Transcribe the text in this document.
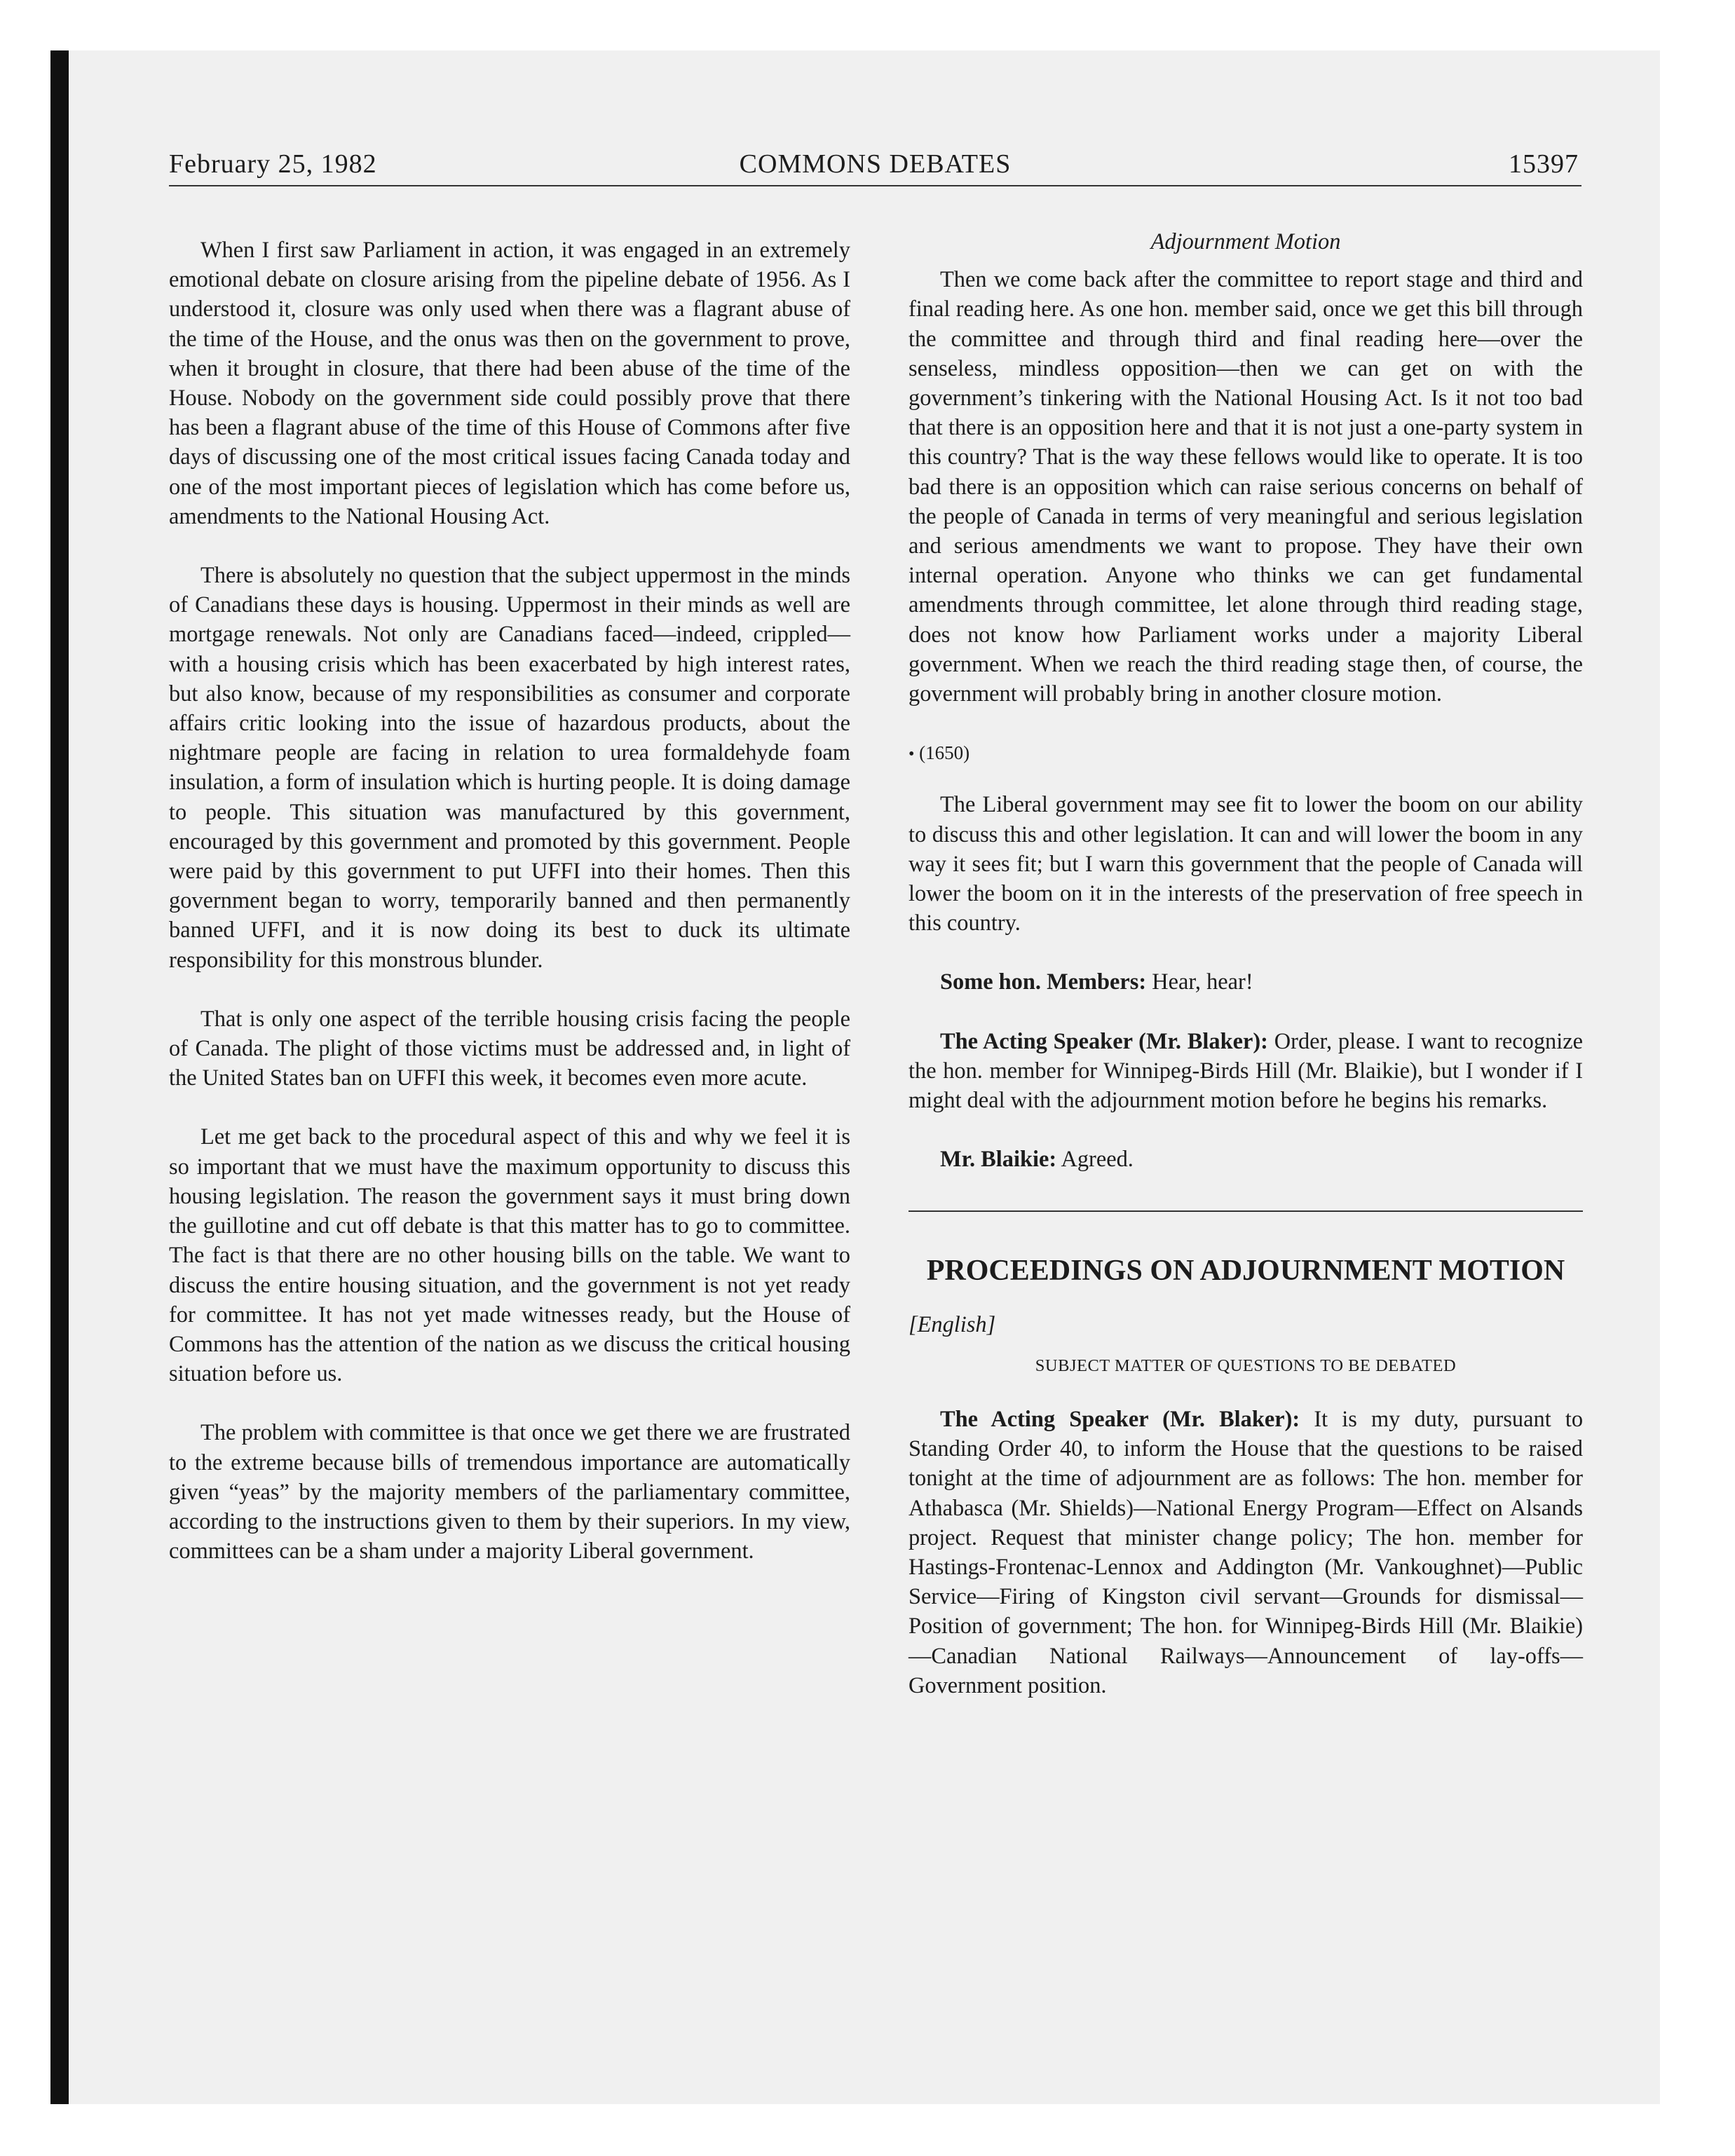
February 25, 1982	COMMONS DEBATES	15397

When I first saw Parliament in action, it was engaged in an extremely emotional debate on closure arising from the pipeline debate of 1956. As I understood it, closure was only used when there was a flagrant abuse of the time of the House, and the onus was then on the government to prove, when it brought in closure, that there had been abuse of the time of the House. Nobody on the government side could possibly prove that there has been a flagrant abuse of the time of this House of Commons after five days of discussing one of the most critical issues facing Canada today and one of the most important pieces of legislation which has come before us, amendments to the National Housing Act.

There is absolutely no question that the subject uppermost in the minds of Canadians these days is housing. Uppermost in their minds as well are mortgage renewals. Not only are Canadians faced—indeed, crippled—with a housing crisis which has been exacerbated by high interest rates, but also know, because of my responsibilities as consumer and corporate affairs critic looking into the issue of hazardous products, about the nightmare people are facing in relation to urea formaldehyde foam insulation, a form of insulation which is hurting people. It is doing damage to people. This situation was manufactured by this government, encouraged by this government and promoted by this government. People were paid by this government to put UFFI into their homes. Then this government began to worry, temporarily banned and then permanently banned UFFI, and it is now doing its best to duck its ultimate responsibility for this monstrous blunder.

That is only one aspect of the terrible housing crisis facing the people of Canada. The plight of those victims must be addressed and, in light of the United States ban on UFFI this week, it becomes even more acute.

Let me get back to the procedural aspect of this and why we feel it is so important that we must have the maximum opportunity to discuss this housing legislation. The reason the government says it must bring down the guillotine and cut off debate is that this matter has to go to committee. The fact is that there are no other housing bills on the table. We want to discuss the entire housing situation, and the government is not yet ready for committee. It has not yet made witnesses ready, but the House of Commons has the attention of the nation as we discuss the critical housing situation before us.

The problem with committee is that once we get there we are frustrated to the extreme because bills of tremendous importance are automatically given “yeas” by the majority members of the parliamentary committee, according to the instructions given to them by their superiors. In my view, committees can be a sham under a majority Liberal government.

Adjournment Motion

Then we come back after the committee to report stage and third and final reading here. As one hon. member said, once we get this bill through the committee and through third and final reading here—over the senseless, mindless opposition—then we can get on with the government’s tinkering with the National Housing Act. Is it not too bad that there is an opposition here and that it is not just a one-party system in this country? That is the way these fellows would like to operate. It is too bad there is an opposition which can raise serious concerns on behalf of the people of Canada in terms of very meaningful and serious legislation and serious amendments we want to propose. They have their own internal operation. Anyone who thinks we can get fundamental amendments through committee, let alone through third reading stage, does not know how Parliament works under a majority Liberal government. When we reach the third reading stage then, of course, the government will probably bring in another closure motion.

• (1650)

The Liberal government may see fit to lower the boom on our ability to discuss this and other legislation. It can and will lower the boom in any way it sees fit; but I warn this government that the people of Canada will lower the boom on it in the interests of the preservation of free speech in this country.

Some hon. Members: Hear, hear!

The Acting Speaker (Mr. Blaker): Order, please. I want to recognize the hon. member for Winnipeg-Birds Hill (Mr. Blaikie), but I wonder if I might deal with the adjournment motion before he begins his remarks.

Mr. Blaikie: Agreed.

PROCEEDINGS ON ADJOURNMENT MOTION

[English]

SUBJECT MATTER OF QUESTIONS TO BE DEBATED

The Acting Speaker (Mr. Blaker): It is my duty, pursuant to Standing Order 40, to inform the House that the questions to be raised tonight at the time of adjournment are as follows: The hon. member for Athabasca (Mr. Shields)—National Energy Program—Effect on Alsands project. Request that minister change policy; The hon. member for Hastings-Frontenac-Lennox and Addington (Mr. Vankoughnet)—Public Service—Firing of Kingston civil servant—Grounds for dismissal—Position of government; The hon. for Winnipeg-Birds Hill (Mr. Blaikie)—Canadian National Railways—Announcement of lay-offs—Government position.
